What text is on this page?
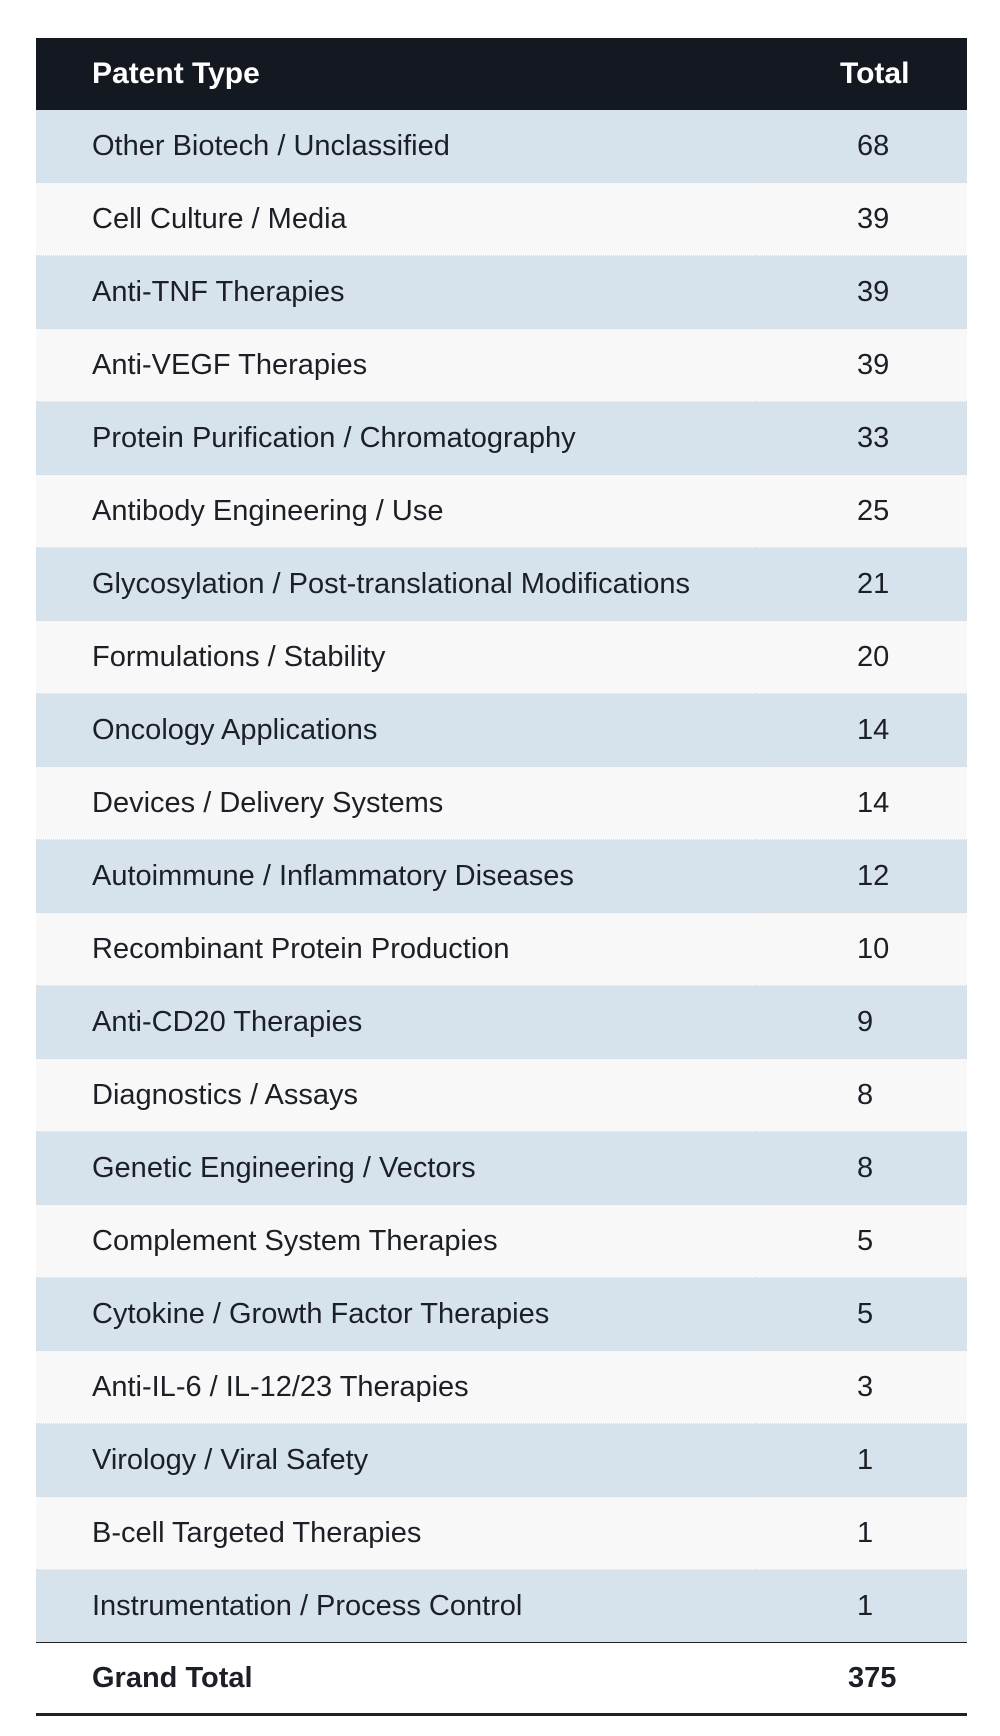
Patent Type	Total
Other Biotech / Unclassified	68
Cell Culture / Media	39
Anti-TNF Therapies	39
Anti-VEGF Therapies	39
Protein Purification / Chromatography	33
Antibody Engineering / Use	25
Glycosylation / Post-translational Modifications	21
Formulations / Stability	20
Oncology Applications	14
Devices / Delivery Systems	14
Autoimmune / Inflammatory Diseases	12
Recombinant Protein Production	10
Anti-CD20 Therapies	9
Diagnostics / Assays	8
Genetic Engineering / Vectors	8
Complement System Therapies	5
Cytokine / Growth Factor Therapies	5
Anti-IL-6 / IL-12/23 Therapies	3
Virology / Viral Safety	1
B-cell Targeted Therapies	1
Instrumentation / Process Control	1
Grand Total	375
